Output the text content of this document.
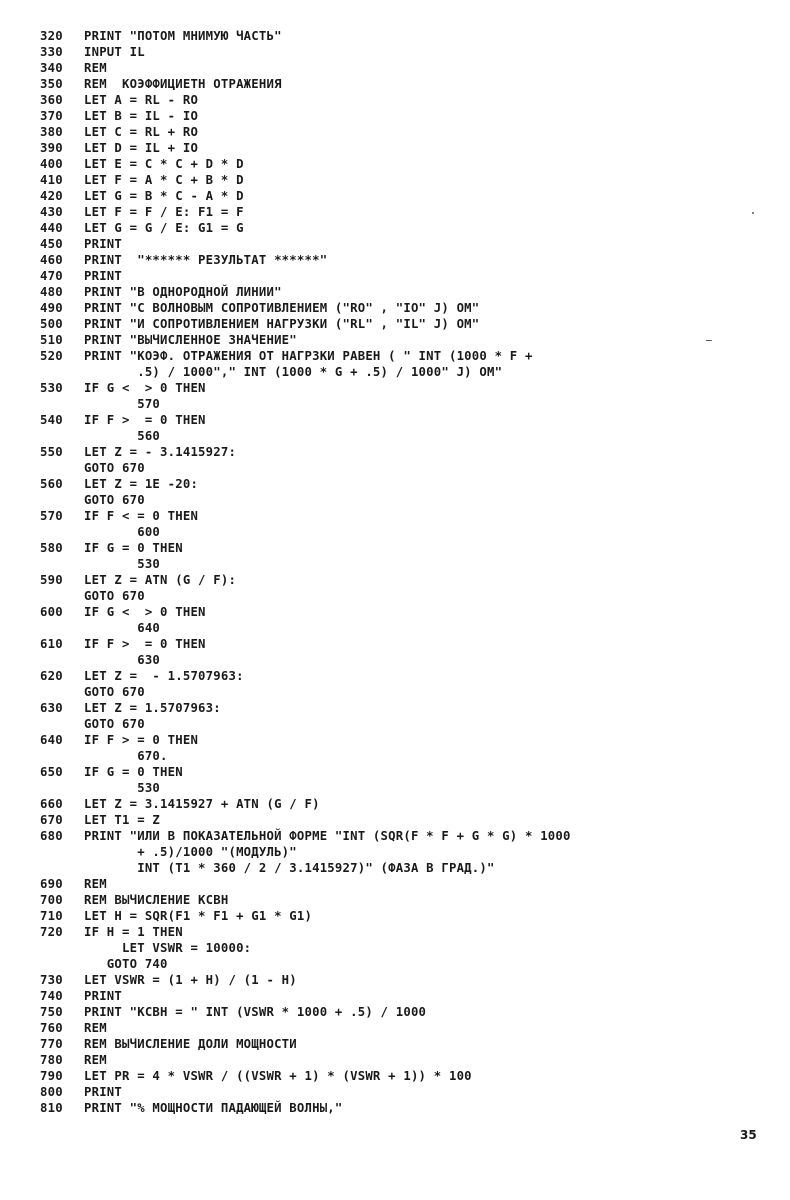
320	PRINT "ПОТОМ МНИМУЮ ЧАСТЬ"
330	INPUT IL
340	REM
350	REM  КОЭФФИЦИЕТН ОТРАЖЕНИЯ
360	LET A = RL - RO
370	LET B = IL - IO
380	LET C = RL + RO
390	LET D = IL + IO
400	LET E = C * C + D * D
410	LET F = A * C + B * D
420	LET G = B * C - A * D
430	LET F = F / E: F1 = F
440	LET G = G / E: G1 = G
450	PRINT
460	PRINT  "****** РЕЗУЛЬТАТ ******"
470	PRINT
480	PRINT "В ОДНОРОДНОЙ ЛИНИИ"
490	PRINT "С ВОЛНОВЫМ СОПРОТИВЛЕНИЕМ ("RO" , "IO" J) ОМ"
500	PRINT "И СОПРОТИВЛЕНИЕМ НАГРУЗКИ ("RL" , "IL" J) ОМ"
510	PRINT "ВЫЧИСЛЕННОЕ ЗНАЧЕНИЕ"
520	PRINT "КОЭФ. ОТРАЖЕНИЯ ОТ НАГРЗКИ РАВЕН ( " INT (1000 * F +
.5) / 1000"," INT (1000 * G + .5) / 1000" J) ОМ"
530	IF G <  > 0 THEN
570
540	IF F >  = 0 THEN
560
550	LET Z = - 3.1415927:
GOTO 670
560	LET Z = 1E -20:
GOTO 670
570	IF F < = 0 THEN
600
580	IF G = 0 THEN
530
590	LET Z = ATN (G / F):
GOTO 670
600	IF G <  > 0 THEN
640
610	IF F >  = 0 THEN
630
620	LET Z =  - 1.5707963:
GOTO 670
630	LET Z = 1.5707963:
GOTO 670
640	IF F > = 0 THEN
670.
650	IF G = 0 THEN
530
660	LET Z = 3.1415927 + ATN (G / F)
670	LET T1 = Z
680	PRINT "ИЛИ В ПОКАЗАТЕЛЬНОЙ ФОРМЕ "INT (SQR(F * F + G * G) * 1000
+ .5)/1000 "(МОДУЛЬ)"
INT (T1 * 360 / 2 / 3.1415927)" (ФАЗА В ГРАД.)"
690	REM
700	REM ВЫЧИСЛЕНИЕ КСВН
710	LET H = SQR(F1 * F1 + G1 * G1)
720	IF H = 1 THEN
LET VSWR = 10000:
GOTO 740
730	LET VSWR = (1 + H) / (1 - H)
740	PRINT
750	PRINT "КСВН = " INT (VSWR * 1000 + .5) / 1000
760	REM
770	REM ВЫЧИСЛЕНИЕ ДОЛИ МОЩНОСТИ
780	REM
790	LET PR = 4 * VSWR / ((VSWR + 1) * (VSWR + 1)) * 100
800	PRINT
810	PRINT "% МОЩНОСТИ ПАДАЮЩЕЙ ВОЛНЫ,"
35
